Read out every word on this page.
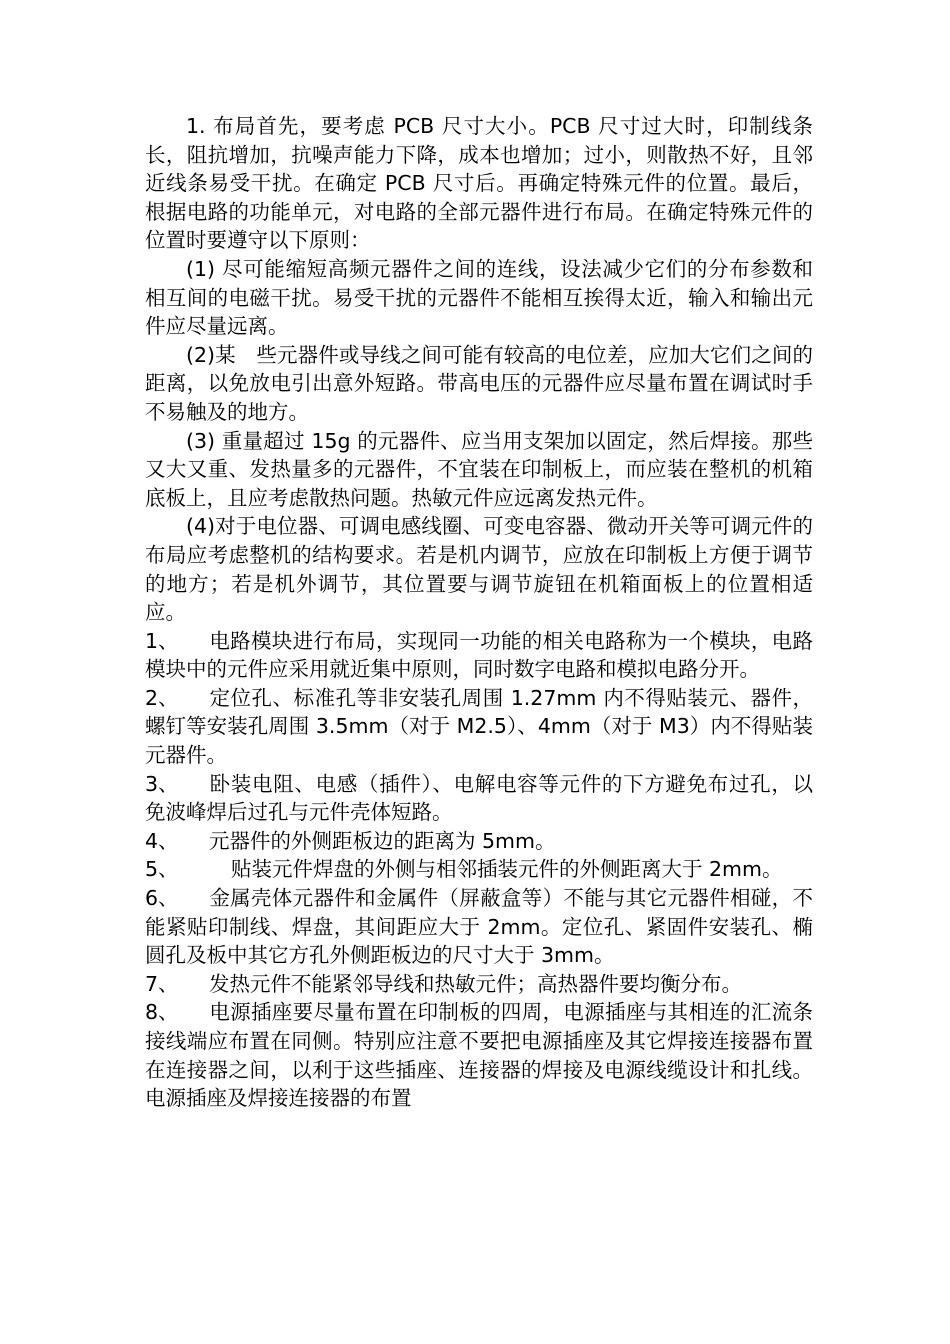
1. 布局首先，要考虑 PCB 尺寸大小。PCB 尺寸过大时，印制线条长，阻抗增加，抗噪声能力下降，成本也增加；过小，则散热不好，且邻近线条易受干扰。在确定 PCB 尺寸后。再确定特殊元件的位置。最后，根据电路的功能单元，对电路的全部元器件进行布局。在确定特殊元件的位置时要遵守以下原则：

(1) 尽可能缩短高频元器件之间的连线，设法减少它们的分布参数和相互间的电磁干扰。易受干扰的元器件不能相互挨得太近，输入和输出元件应尽量远离。

(2)某　些元器件或导线之间可能有较高的电位差，应加大它们之间的距离，以免放电引出意外短路。带高电压的元器件应尽量布置在调试时手不易触及的地方。

(3) 重量超过 15g 的元器件、应当用支架加以固定，然后焊接。那些又大又重、发热量多的元器件，不宜装在印制板上，而应装在整机的机箱底板上，且应考虑散热问题。热敏元件应远离发热元件。

(4)对于电位器、可调电感线圈、可变电容器、微动开关等可调元件的布局应考虑整机的结构要求。若是机内调节，应放在印制板上方便于调节的地方；若是机外调节，其位置要与调节旋钮在机箱面板上的位置相适应。

1、 电路模块进行布局，实现同一功能的相关电路称为一个模块，电路模块中的元件应采用就近集中原则，同时数字电路和模拟电路分开。

2、 定位孔、标准孔等非安装孔周围 1.27mm 内不得贴装元、器件，螺钉等安装孔周围 3.5mm（对于 M2.5）、4mm（对于 M3）内不得贴装元器件。

3、 卧装电阻、电感（插件）、电解电容等元件的下方避免布过孔，以免波峰焊后过孔与元件壳体短路。

4、 元器件的外侧距板边的距离为 5mm。

5、	贴装元件焊盘的外侧与相邻插装元件的外侧距离大于 2mm。

6、 金属壳体元器件和金属件（屏蔽盒等）不能与其它元器件相碰，不能紧贴印制线、焊盘，其间距应大于 2mm。定位孔、紧固件安装孔、椭圆孔及板中其它方孔外侧距板边的尺寸大于 3mm。

7、 发热元件不能紧邻导线和热敏元件；高热器件要均衡分布。

8、 电源插座要尽量布置在印制板的四周，电源插座与其相连的汇流条接线端应布置在同侧。特别应注意不要把电源插座及其它焊接连接器布置在连接器之间，以利于这些插座、连接器的焊接及电源线缆设计和扎线。电源插座及焊接连接器的布置
